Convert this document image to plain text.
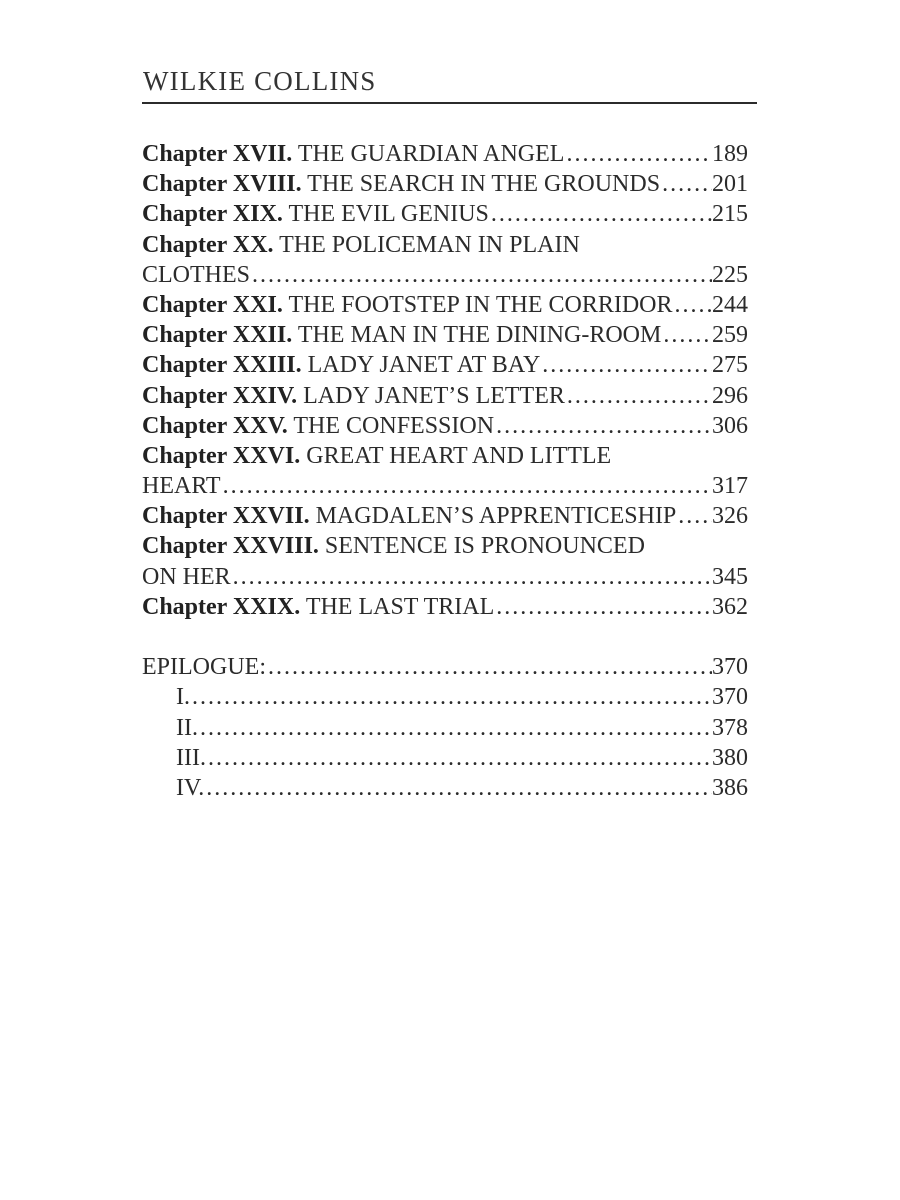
WILKIE COLLINS
Chapter XVII. THE GUARDIAN ANGEL .....	189
Chapter XVIII. THE SEARCH IN THE GROUNDS ..... 201
Chapter XIX. THE EVIL GENIUS .....	215
Chapter XX. THE POLICEMAN IN PLAIN
CLOTHES .....	225
Chapter XXI. THE FOOTSTEP IN THE CORRIDOR ..... 244
Chapter XXII. THE MAN IN THE DINING-ROOM ..... 259
Chapter XXIII. LADY JANET AT BAY .....	275
Chapter XXIV. LADY JANET’S LETTER .....	296
Chapter XXV. THE CONFESSION .....	306
Chapter XXVI. GREAT HEART AND LITTLE
HEART .....	317
Chapter XXVII. MAGDALEN’S APPRENTICESHIP ..... 326
Chapter XXVIII. SENTENCE IS PRONOUNCED
ON HER .....	345
Chapter XXIX. THE LAST TRIAL .....	362
EPILOGUE: .....	370
I. .....	370
II. .....	378
III. .....	380
IV. .....	386
